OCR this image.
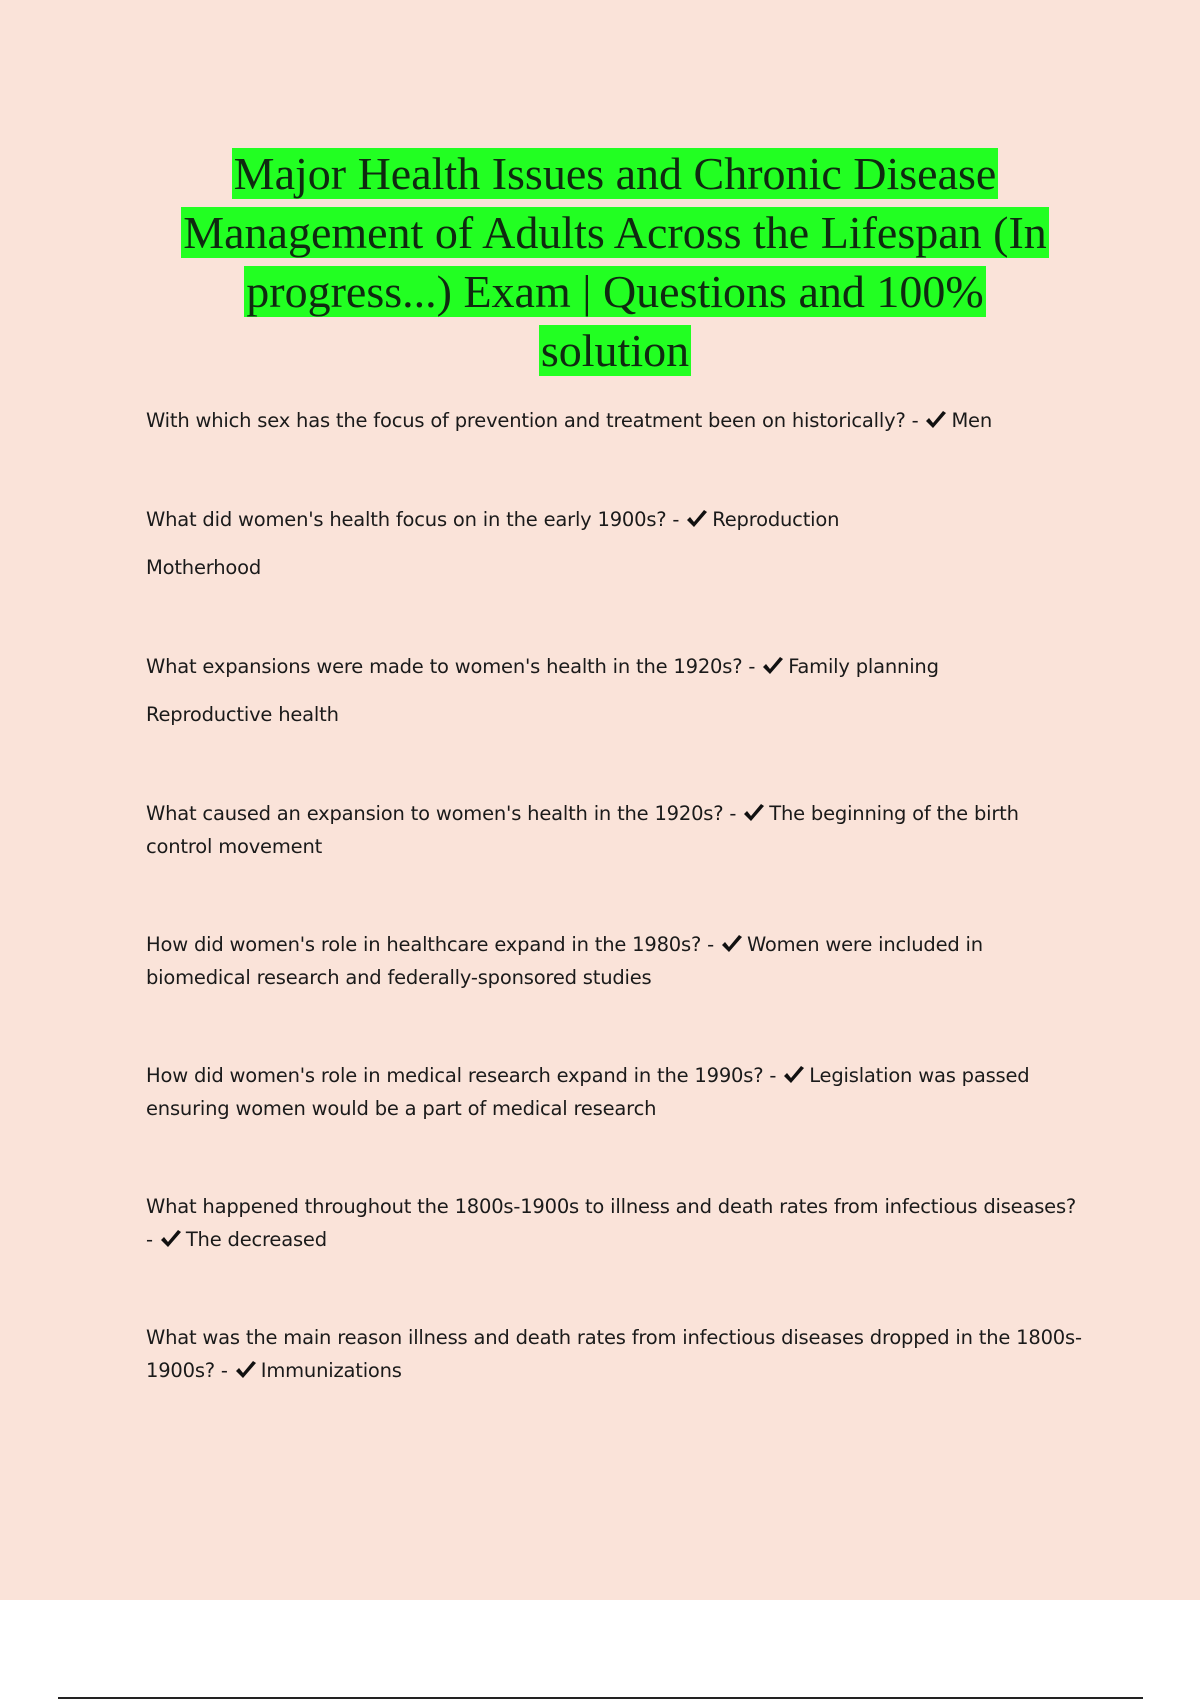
Major Health Issues and Chronic Disease
Management of Adults Across the Lifespan (In
progress...) Exam | Questions and 100%
solution

With which sex has the focus of prevention and treatment been on historically? - Men

What did women's health focus on in the early 1900s? - Reproduction

Motherhood

What expansions were made to women's health in the 1920s? - Family planning

Reproductive health

What caused an expansion to women's health in the 1920s? - The beginning of the birth control movement

How did women's role in healthcare expand in the 1980s? - Women were included in biomedical research and federally-sponsored studies

How did women's role in medical research expand in the 1990s? - Legislation was passed ensuring women would be a part of medical research

What happened throughout the 1800s-1900s to illness and death rates from infectious diseases? - The decreased

What was the main reason illness and death rates from infectious diseases dropped in the 1800s-1900s? - Immunizations
